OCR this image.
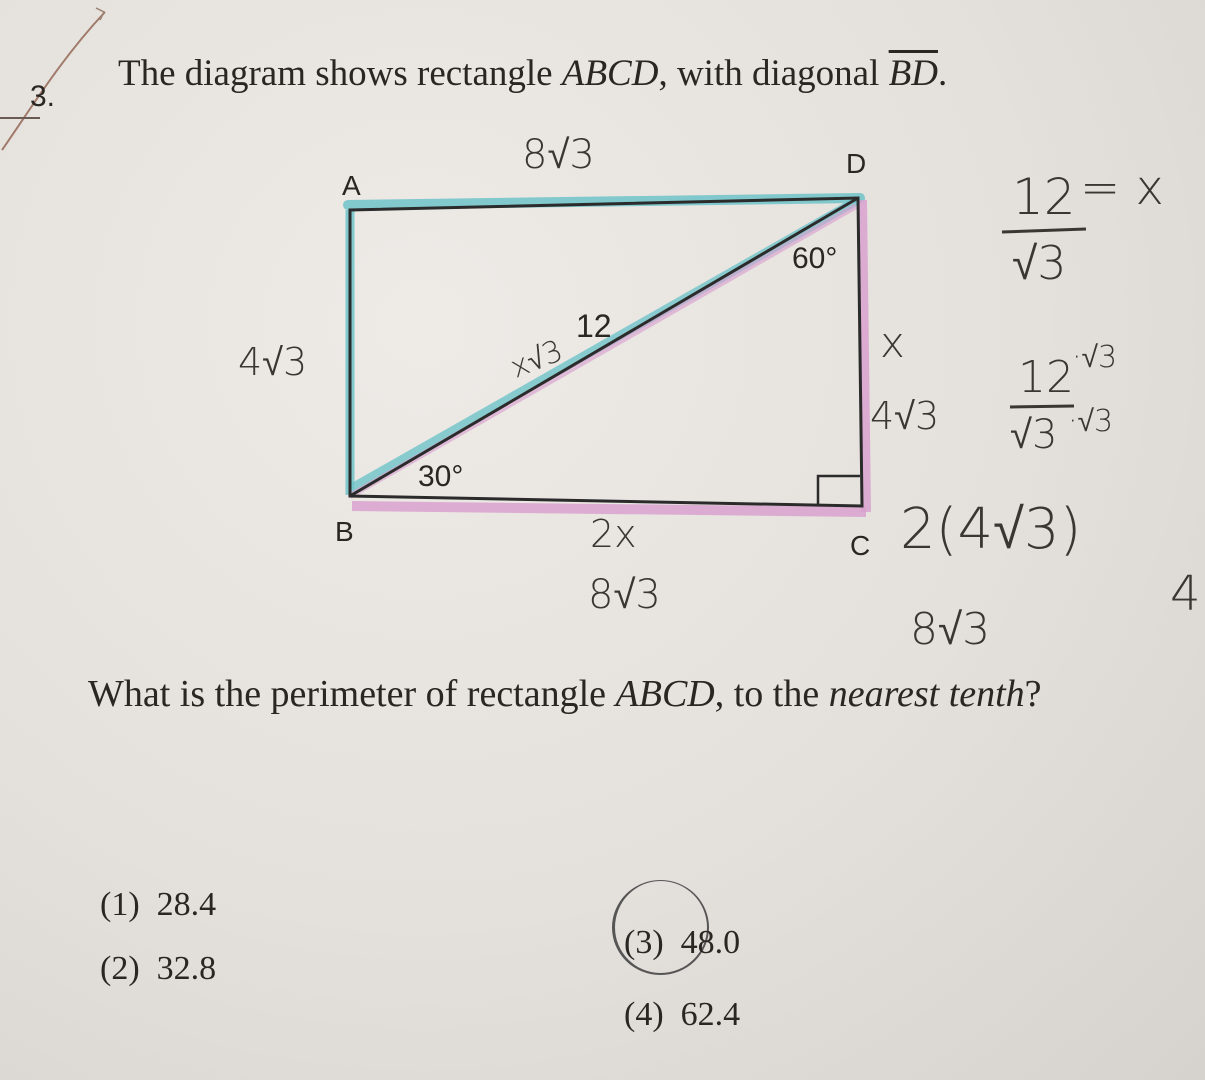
3.
The diagram shows rectangle ABCD, with diagonal $\overline{BD}$.
A
D
B	C
60°
30°
12
8√3
4√3	x√3
2x
8√3
x
4√3
12 = x
√3
12
·√3
√3 ·√3
2(4√3)
8√3
4
What is the perimeter of rectangle ABCD, to the nearest tenth?
(1) 28.4
(2) 32.8
(3) 48.0
(4) 62.4
